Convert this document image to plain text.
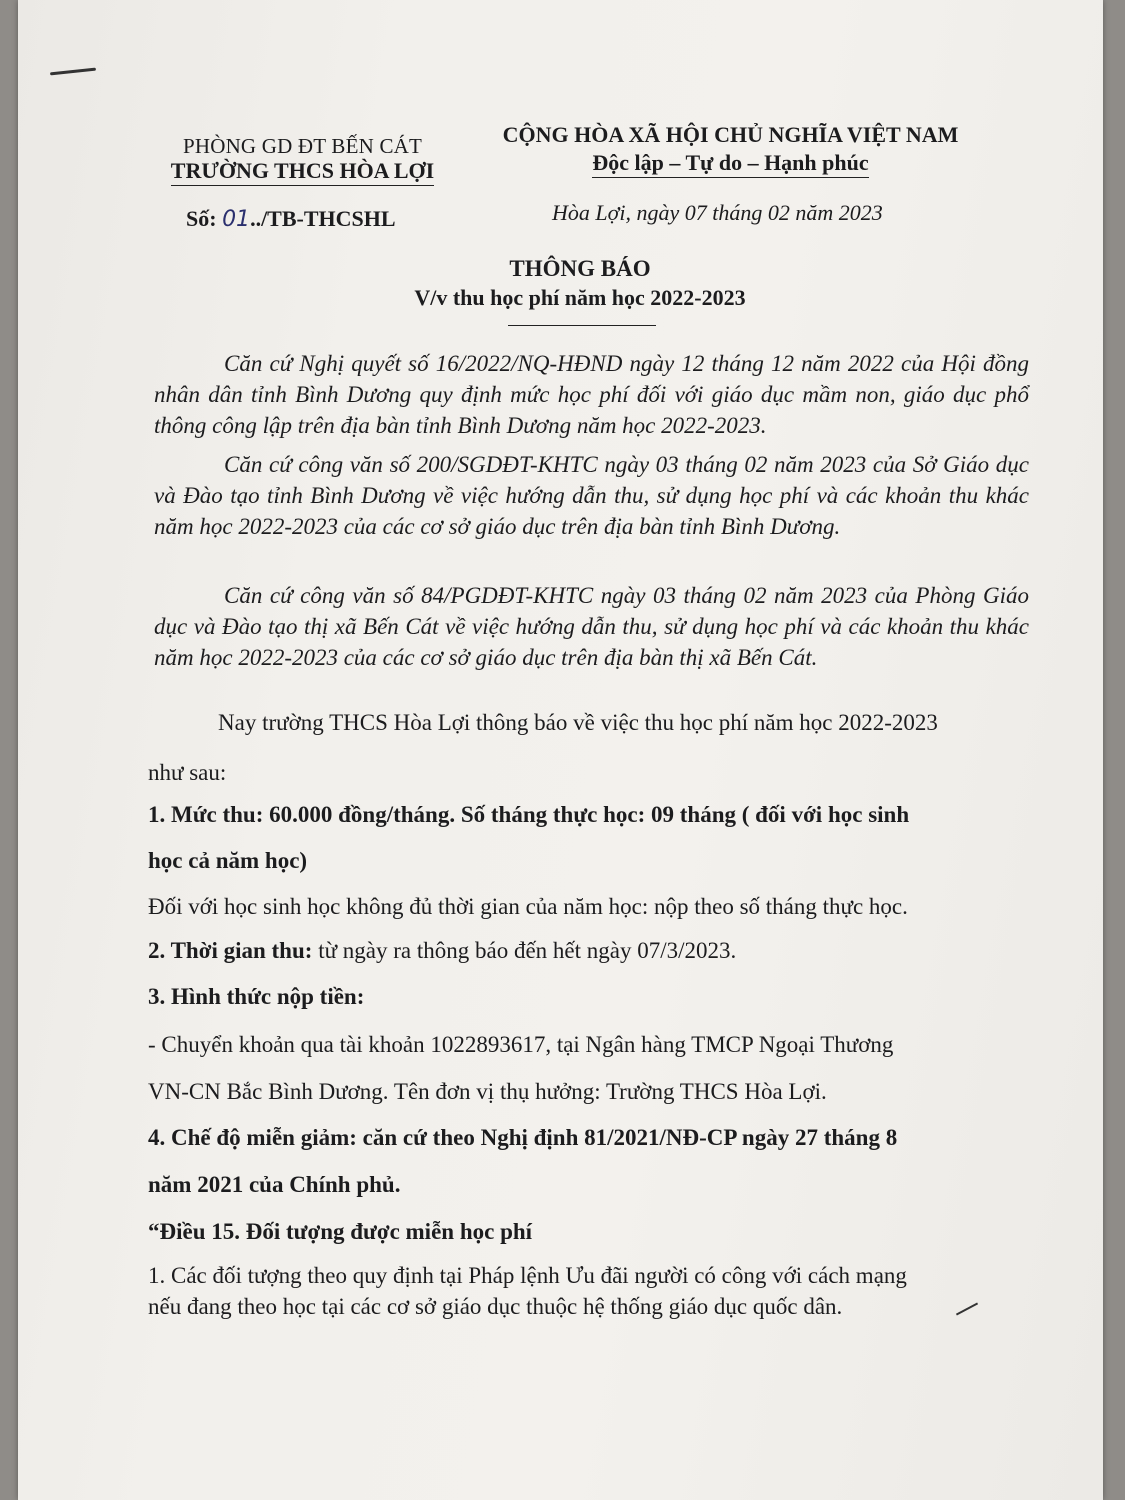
PHÒNG GD ĐT BẾN CÁT
TRƯỜNG THCS HÒA LỢI
CỘNG HÒA XÃ HỘI CHỦ NGHĨA VIỆT NAM
Độc lập – Tự do – Hạnh phúc
Số: 01../TB-THCSHL	Hòa Lợi, ngày 07 tháng 02 năm 2023
THÔNG BÁO
V/v thu học phí năm học 2022-2023

Căn cứ Nghị quyết số 16/2022/NQ-HĐND ngày 12 tháng 12 năm 2022 của Hội đồng nhân dân tỉnh Bình Dương quy định mức học phí đối với giáo dục mầm non, giáo dục phổ thông công lập trên địa bàn tỉnh Bình Dương năm học 2022-2023.

Căn cứ công văn số 200/SGDĐT-KHTC ngày 03 tháng 02 năm 2023 của Sở Giáo dục và Đào tạo tỉnh Bình Dương về việc hướng dẫn thu, sử dụng học phí và các khoản thu khác năm học 2022-2023 của các cơ sở giáo dục trên địa bàn tỉnh Bình Dương.

Căn cứ công văn số 84/PGDĐT-KHTC ngày 03 tháng 02 năm 2023 của Phòng Giáo dục và Đào tạo thị xã Bến Cát về việc hướng dẫn thu, sử dụng học phí và các khoản thu khác năm học 2022-2023 của các cơ sở giáo dục trên địa bàn thị xã Bến Cát.

Nay trường THCS Hòa Lợi thông báo về việc thu học phí năm học 2022-2023
như sau:
1. Mức thu: 60.000 đồng/tháng. Số tháng thực học: 09 tháng ( đối với học sinh
học cả năm học)
Đối với học sinh học không đủ thời gian của năm học: nộp theo số tháng thực học.
2. Thời gian thu: từ ngày ra thông báo đến hết ngày 07/3/2023.
3. Hình thức nộp tiền:
- Chuyển khoản qua tài khoản 1022893617, tại Ngân hàng TMCP Ngoại Thương
VN-CN Bắc Bình Dương. Tên đơn vị thụ hưởng: Trường THCS Hòa Lợi.
4. Chế độ miễn giảm: căn cứ theo Nghị định 81/2021/NĐ-CP ngày 27 tháng 8
năm 2021 của Chính phủ.
“Điều 15. Đối tượng được miễn học phí
1. Các đối tượng theo quy định tại Pháp lệnh Ưu đãi người có công với cách mạng
nếu đang theo học tại các cơ sở giáo dục thuộc hệ thống giáo dục quốc dân.
